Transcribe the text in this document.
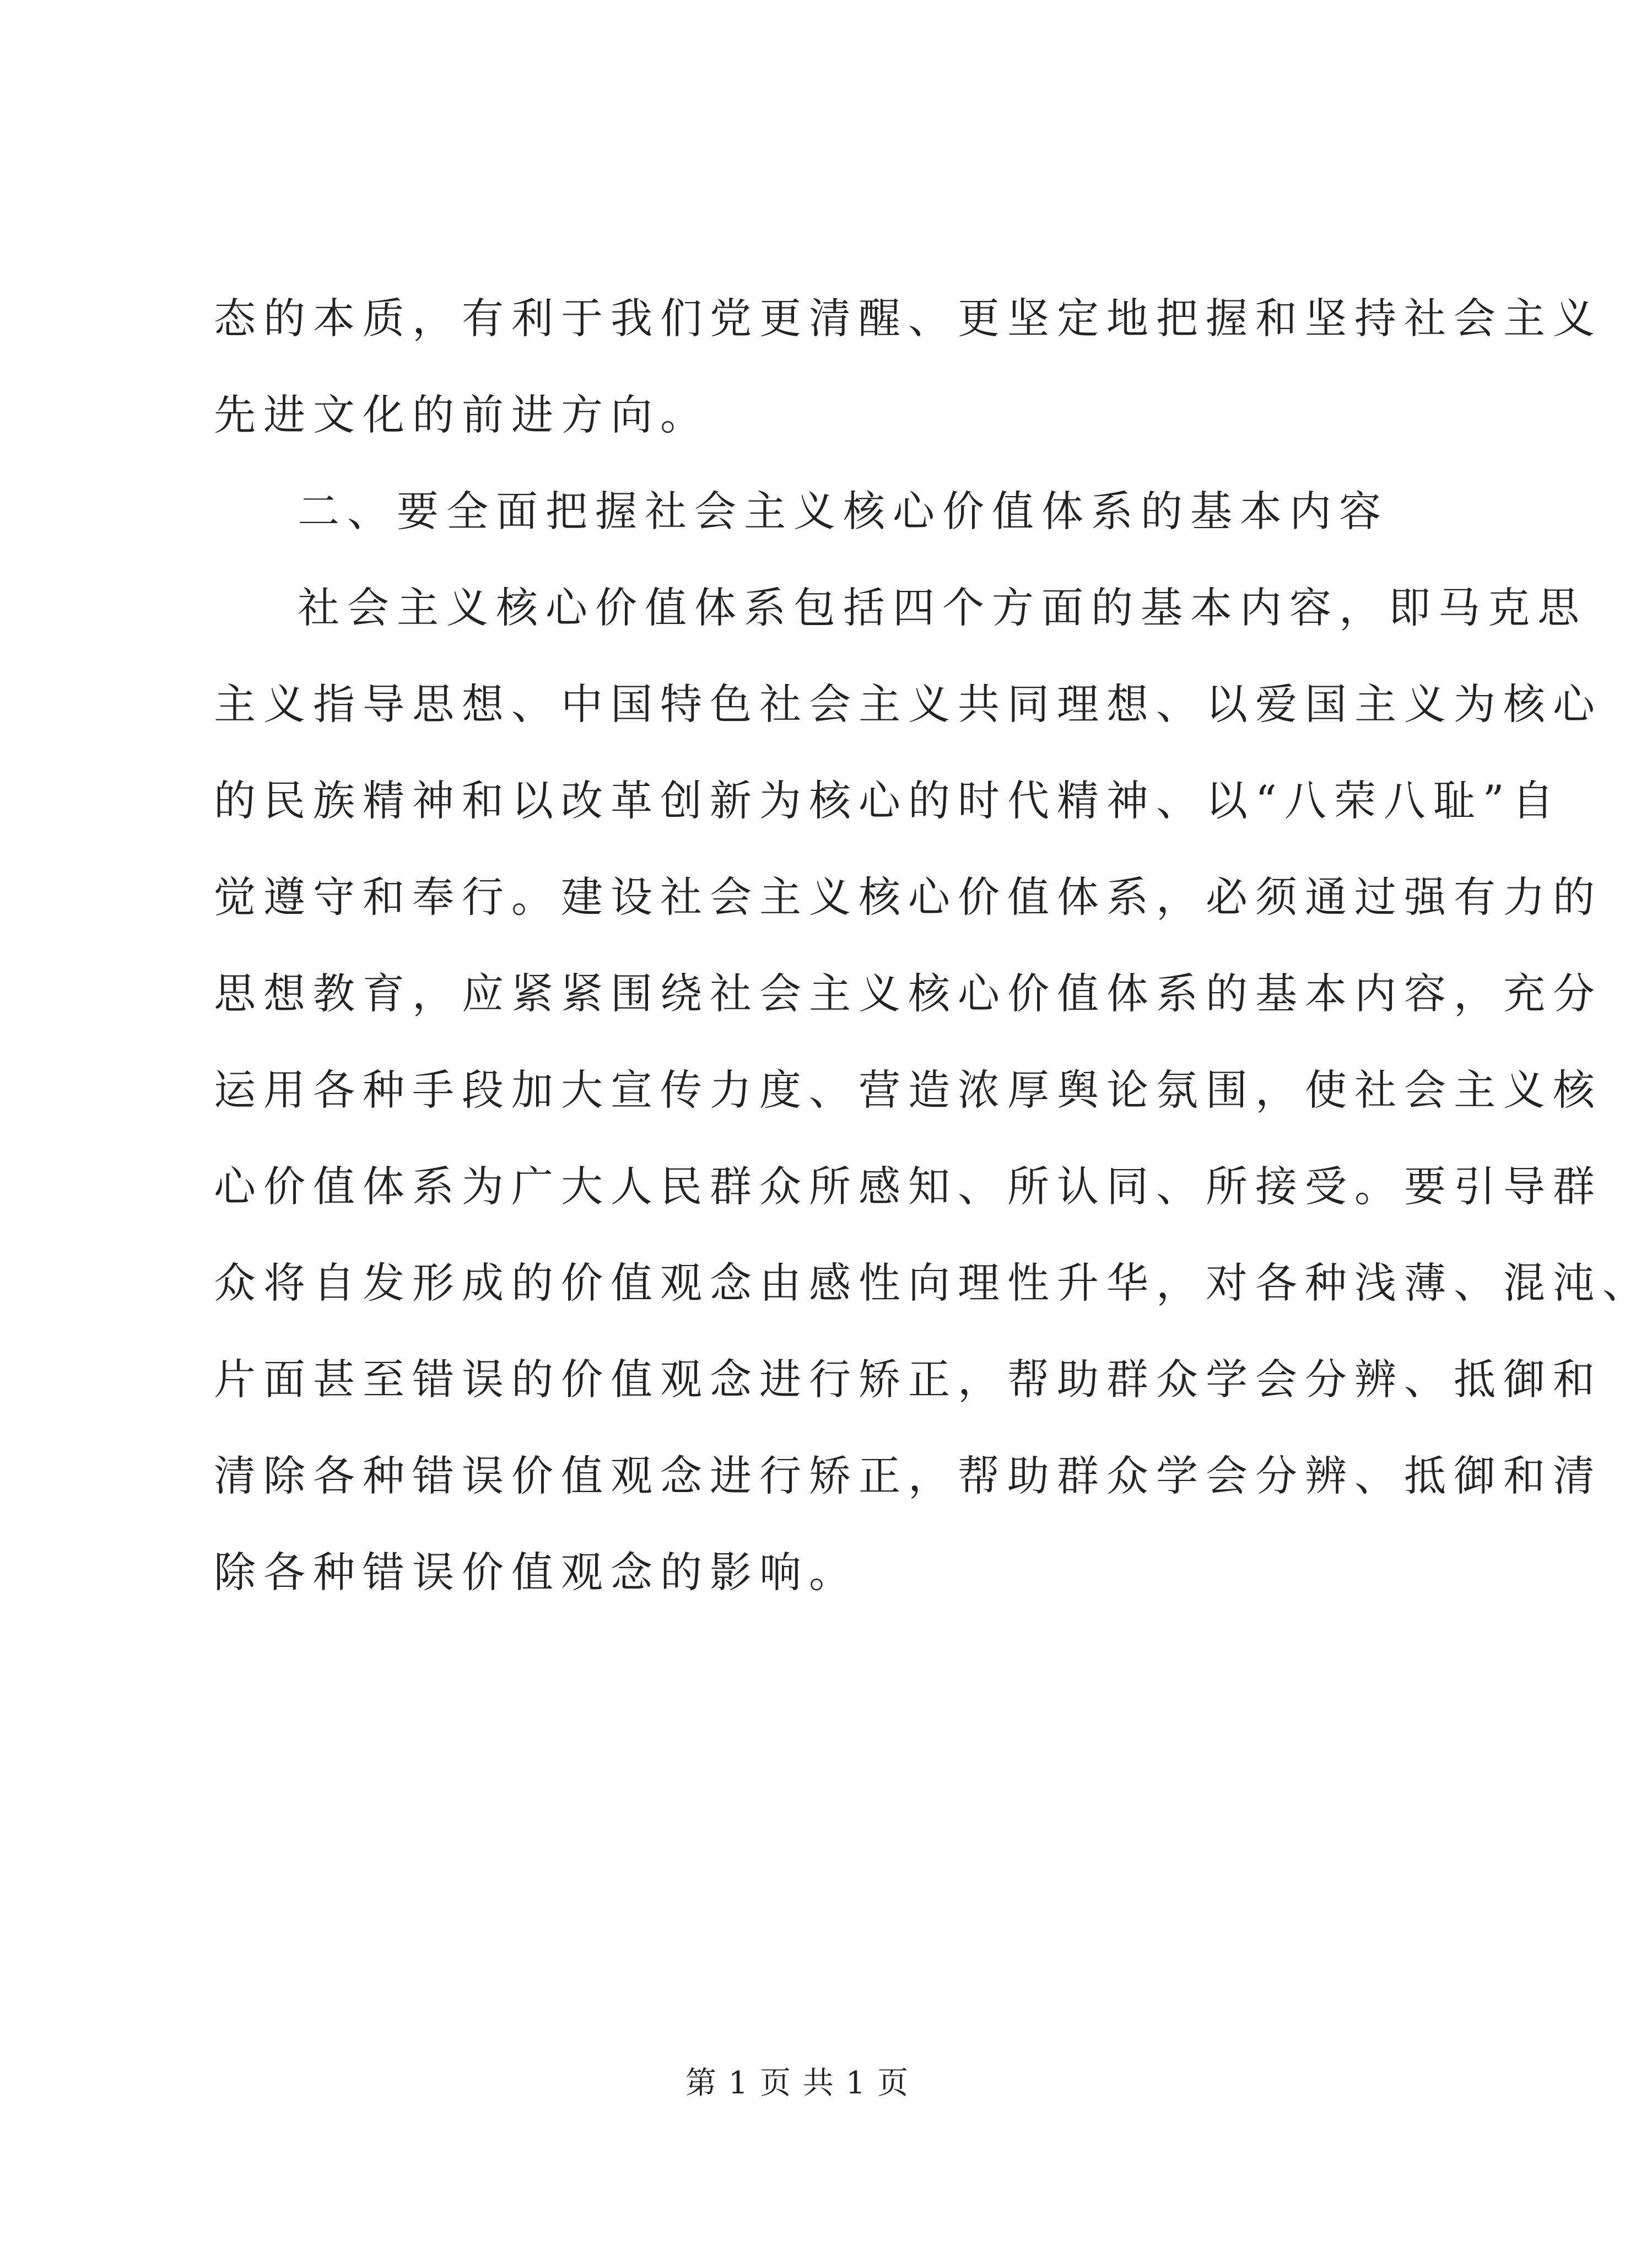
态的本质，有利于我们党更清醒、更坚定地把握和坚持社会主义
先进文化的前进方向。
二、要全面把握社会主义核心价值体系的基本内容
社会主义核心价值体系包括四个方面的基本内容，即马克思
主义指导思想、中国特色社会主义共同理想、以爱国主义为核心
的民族精神和以改革创新为核心的时代精神、以“八荣八耻”自
觉遵守和奉行。建设社会主义核心价值体系，必须通过强有力的
思想教育，应紧紧围绕社会主义核心价值体系的基本内容，充分
运用各种手段加大宣传力度、营造浓厚舆论氛围，使社会主义核
心价值体系为广大人民群众所感知、所认同、所接受。要引导群
众将自发形成的价值观念由感性向理性升华，对各种浅薄、混沌、
片面甚至错误的价值观念进行矫正，帮助群众学会分辨、抵御和
清除各种错误价值观念进行矫正，帮助群众学会分辨、抵御和清
除各种错误价值观念的影响。
第 1 页 共 1 页
